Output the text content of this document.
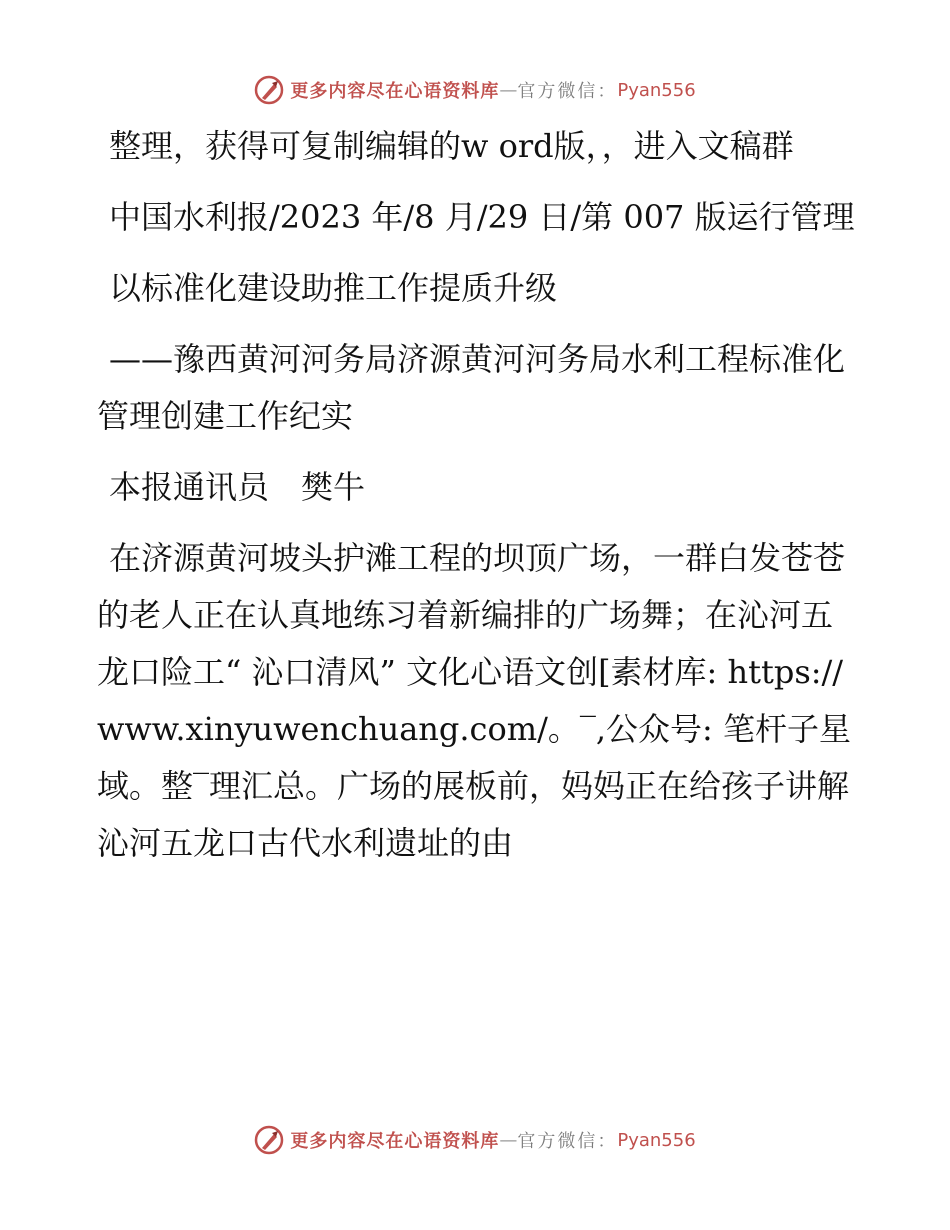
更多内容尽在心语资料库 — 官方微信： Pyan556

整理，获得可复制编辑的w ord版，，进入文稿群

中国水利报/2023 年/8 月/29 日/第 007 版运行管理

以标准化建设助推工作提质升级

——豫西黄河河务局济源黄河河务局水利工程标准化管理创建工作纪实

本报通讯员　樊牛

在济源黄河坡头护滩工程的坝顶广场，一群白发苍苍的老人正在认真地练习着新编排的广场舞；在沁河五龙口险工“ 沁口清风” 文化心语文创[素材库: https://www.xinyuwenchuang.com/。‾,公众号: 笔杆子星域。整‾理汇总。广场的展板前，妈妈正在给孩子讲解沁河五龙口古代水利遗址的由

更多内容尽在心语资料库 — 官方微信： Pyan556
